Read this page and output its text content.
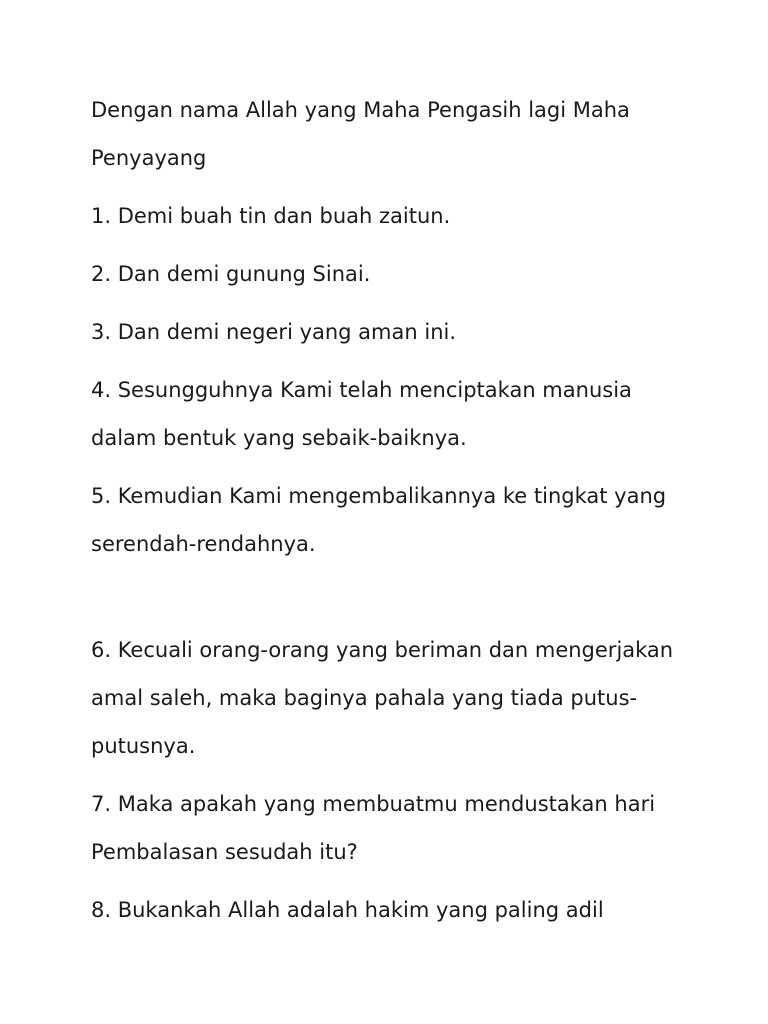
Dengan nama Allah yang Maha Pengasih lagi Maha Penyayang

1. Demi buah tin dan buah zaitun.

2. Dan demi gunung Sinai.

3. Dan demi negeri yang aman ini.

4. Sesungguhnya Kami telah menciptakan manusia dalam bentuk yang sebaik-baiknya.

5. Kemudian Kami mengembalikannya ke tingkat yang serendah-rendahnya.

6. Kecuali orang-orang yang beriman dan mengerjakan amal saleh, maka baginya pahala yang tiada putus-putusnya.

7. Maka apakah yang membuatmu mendustakan hari Pembalasan sesudah itu?

8. Bukankah Allah adalah hakim yang paling adil
